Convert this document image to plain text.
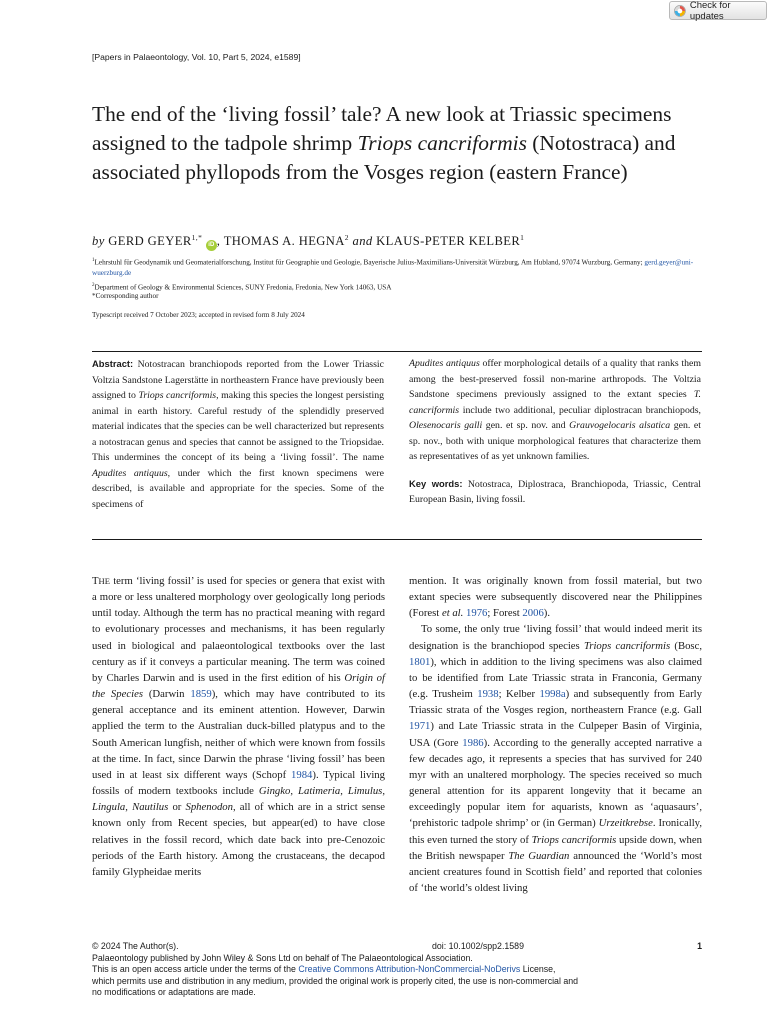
Check for updates
[Papers in Palaeontology, Vol. 10, Part 5, 2024, e1589]
The end of the ‘living fossil’ tale? A new look at Triassic specimens assigned to the tadpole shrimp Triops cancriformis (Notostraca) and associated phyllopods from the Vosges region (eastern France)
by GERD $GEYER^{1,*}$ iD , THOMAS A. HEGNA$^2$ and KLAUS-PETER KELBER$^1$
$^1$Lehrstuhl für Geodynamik und Geomaterialforschung, Institut für Geographie und Geologie, Bayerische Julius-Maximilians-Universität Würzburg, Am Hubland, 97074 Wurzburg, Germany; gerd.geyer@uni-wuerzburg.de
$^2$Department of Geology & Environmental Sciences, SUNY Fredonia, Fredonia, New York 14063, USA
*Corresponding author
Typescript received 7 October 2023; accepted in revised form 8 July 2024
Abstract: Notostracan branchiopods reported from the Lower Triassic Voltzia Sandstone Lagerstätte in northeastern France have previously been assigned to Triops cancriformis, making this species the longest persisting animal in earth history. Careful restudy of the splendidly preserved material indicates that the species can be well characterized but represents a notostracan genus and species that cannot be assigned to the Triopsidae. This undermines the concept of its being a ‘living fossil’. The name Apudites antiquus, under which the first known specimens were described, is available and appropriate for the species. Some of the specimens of
Apudites antiquus offer morphological details of a quality that ranks them among the best-preserved fossil non-marine arthropods. The Voltzia Sandstone specimens previously assigned to the extant species T. cancriformis include two additional, peculiar diplostracan branchiopods, Olesenocaris galli gen. et sp. nov. and Grauvogelocaris alsatica gen. et sp. nov., both with unique morphological features that characterize them as representatives of as yet unknown families.
Key words: Notostraca, Diplostraca, Branchiopoda, Triassic, Central European Basin, living fossil.

THE term ‘living fossil’ is used for species or genera that exist with a more or less unaltered morphology over geologically long periods until today. Although the term has no practical meaning with regard to evolutionary processes and mechanisms, it has been regularly used in biological and palaeontological textbooks over the last century as if it conveys a particular meaning. The term was coined by Charles Darwin and is used in the first edition of his Origin of the Species (Darwin 1859), which may have contributed to its general acceptance and its eminent attention. However, Darwin applied the term to the Australian duck-billed platypus and to the South American lungfish, neither of which were known from fossils at the time. In fact, since Darwin the phrase ‘living fossil’ has been used in at least six different ways (Schopf 1984). Typical living fossils of modern textbooks include Gingko, Latimeria, Limulus, Lingula, Nautilus or Sphenodon, all of which are in a strict sense known only from Recent species, but appear(ed) to have close relatives in the fossil record, which date back into pre-Cenozoic periods of the Earth history. Among the crustaceans, the decapod family Glypheidae merits

mention. It was originally known from fossil material, but two extant species were subsequently discovered near the Philippines (Forest et al. 1976; Forest 2006).

To some, the only true ‘living fossil’ that would indeed merit its designation is the branchiopod species Triops cancriformis (Bosc, 1801), which in addition to the living specimens was also claimed to be identified from Late Triassic strata in Franconia, Germany (e.g. Trusheim 1938; Kelber 1998a) and subsequently from Early Triassic strata of the Vosges region, northeastern France (e.g. Gall 1971) and Late Triassic strata in the Culpeper Basin of Virginia, USA (Gore 1986). According to the generally accepted narrative a few decades ago, it represents a species that has survived for 240 myr with an unaltered morphology. The species received so much general attention for its apparent longevity that it became an exceedingly popular item for aquarists, known as ‘aquasaurs’, ‘prehistoric tadpole shrimp’ or (in German) Urzeitkrebse. Ironically, this even turned the story of Triops cancriformis upside down, when the British newspaper The Guardian announced the ‘World’s most ancient creatures found in Scottish field’ and reported that colonies of ‘the world’s oldest living

© 2024 The Author(s).	doi: 10.1002/spp2.1589	1
Palaeontology published by John Wiley & Sons Ltd on behalf of The Palaeontological Association.
This is an open access article under the terms of the Creative Commons Attribution-NonCommercial-NoDerivs License,
which permits use and distribution in any medium, provided the original work is properly cited, the use is non-commercial and
no modifications or adaptations are made.
